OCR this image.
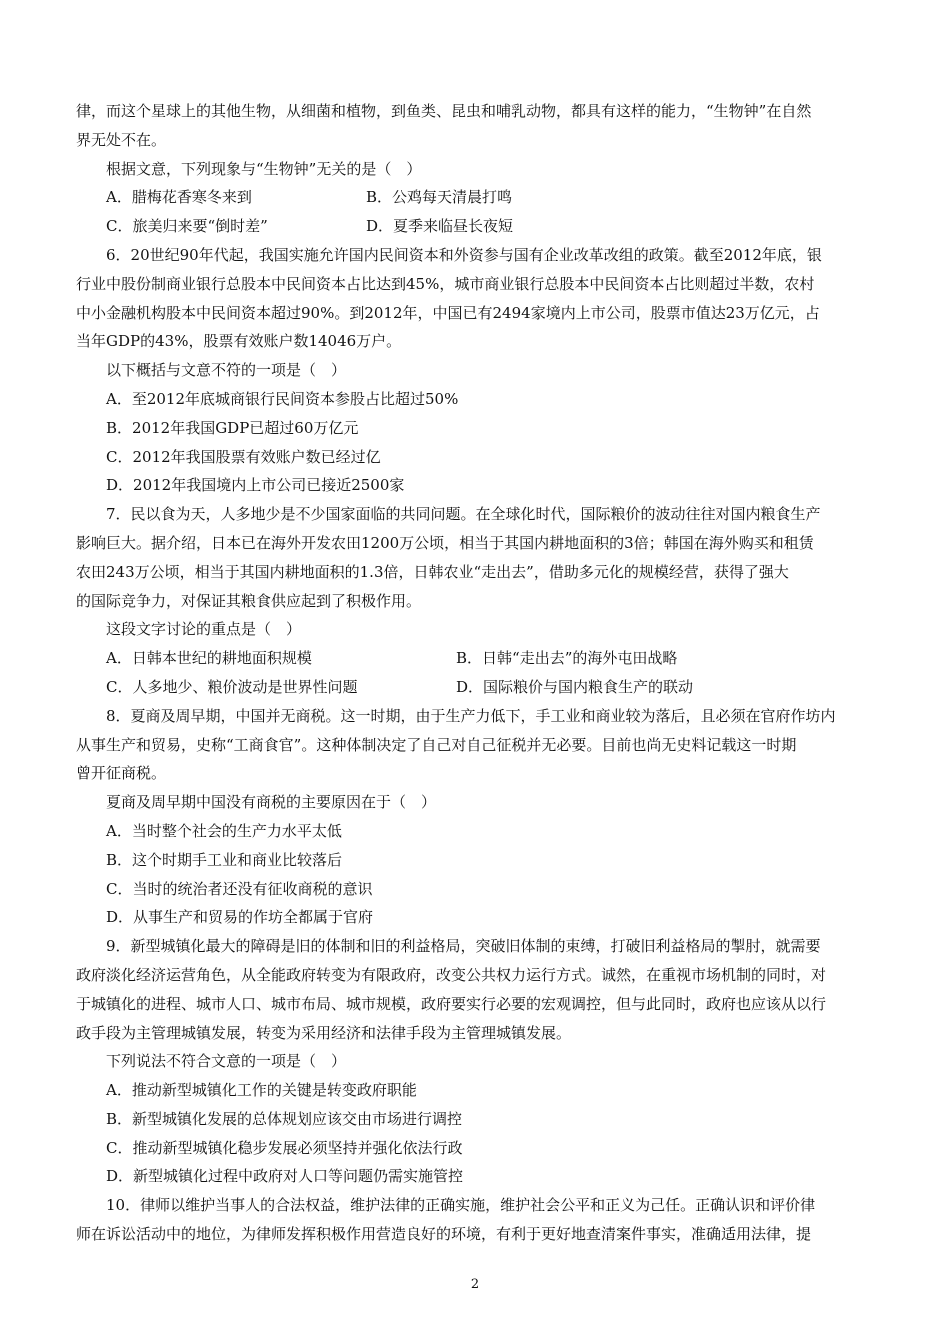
律，而这个星球上的其他生物，从细菌和植物，到鱼类、昆虫和哺乳动物，都具有这样的能力，“生物钟”在自然

界无处不在。

根据文意，下列现象与“生物钟”无关的是（　）

A．腊梅花香寒冬来到	B．公鸡每天清晨打鸣
C．旅美归来要“倒时差”	D．夏季来临昼长夜短

6．20世纪90年代起，我国实施允许国内民间资本和外资参与国有企业改革改组的政策。截至2012年底，银

行业中股份制商业银行总股本中民间资本占比达到45%，城市商业银行总股本中民间资本占比则超过半数，农村

中小金融机构股本中民间资本超过90%。到2012年，中国已有2494家境内上市公司，股票市值达23万亿元，占

当年GDP的43%，股票有效账户数14046万户。

以下概括与文意不符的一项是（　）

A．至2012年底城商银行民间资本参股占比超过50%

B．2012年我国GDP已超过60万亿元

C．2012年我国股票有效账户数已经过亿

D．2012年我国境内上市公司已接近2500家

7．民以食为天，人多地少是不少国家面临的共同问题。在全球化时代，国际粮价的波动往往对国内粮食生产

影响巨大。据介绍，日本已在海外开发农田1200万公顷，相当于其国内耕地面积的3倍；韩国在海外购买和租赁

农田243万公顷，相当于其国内耕地面积的1.3倍，日韩农业“走出去”，借助多元化的规模经营，获得了强大

的国际竞争力，对保证其粮食供应起到了积极作用。

这段文字讨论的重点是（　）

A．日韩本世纪的耕地面积规模	B．日韩“走出去”的海外屯田战略
C．人多地少、粮价波动是世界性问题	D．国际粮价与国内粮食生产的联动

8．夏商及周早期，中国并无商税。这一时期，由于生产力低下，手工业和商业较为落后，且必须在官府作坊内

从事生产和贸易，史称“工商食官”。这种体制决定了自己对自己征税并无必要。目前也尚无史料记载这一时期

曾开征商税。

夏商及周早期中国没有商税的主要原因在于（　）

A．当时整个社会的生产力水平太低

B．这个时期手工业和商业比较落后

C．当时的统治者还没有征收商税的意识

D．从事生产和贸易的作坊全都属于官府

9．新型城镇化最大的障碍是旧的体制和旧的利益格局，突破旧体制的束缚，打破旧利益格局的掣肘，就需要

政府淡化经济运营角色，从全能政府转变为有限政府，改变公共权力运行方式。诚然，在重视市场机制的同时，对

于城镇化的进程、城市人口、城市布局、城市规模，政府要实行必要的宏观调控，但与此同时，政府也应该从以行

政手段为主管理城镇发展，转变为采用经济和法律手段为主管理城镇发展。

下列说法不符合文意的一项是（　）

A．推动新型城镇化工作的关键是转变政府职能

B．新型城镇化发展的总体规划应该交由市场进行调控

C．推动新型城镇化稳步发展必须坚持并强化依法行政

D．新型城镇化过程中政府对人口等问题仍需实施管控

10．律师以维护当事人的合法权益，维护法律的正确实施，维护社会公平和正义为己任。正确认识和评价律

师在诉讼活动中的地位，为律师发挥积极作用营造良好的环境，有利于更好地查清案件事实，准确适用法律，提

2
